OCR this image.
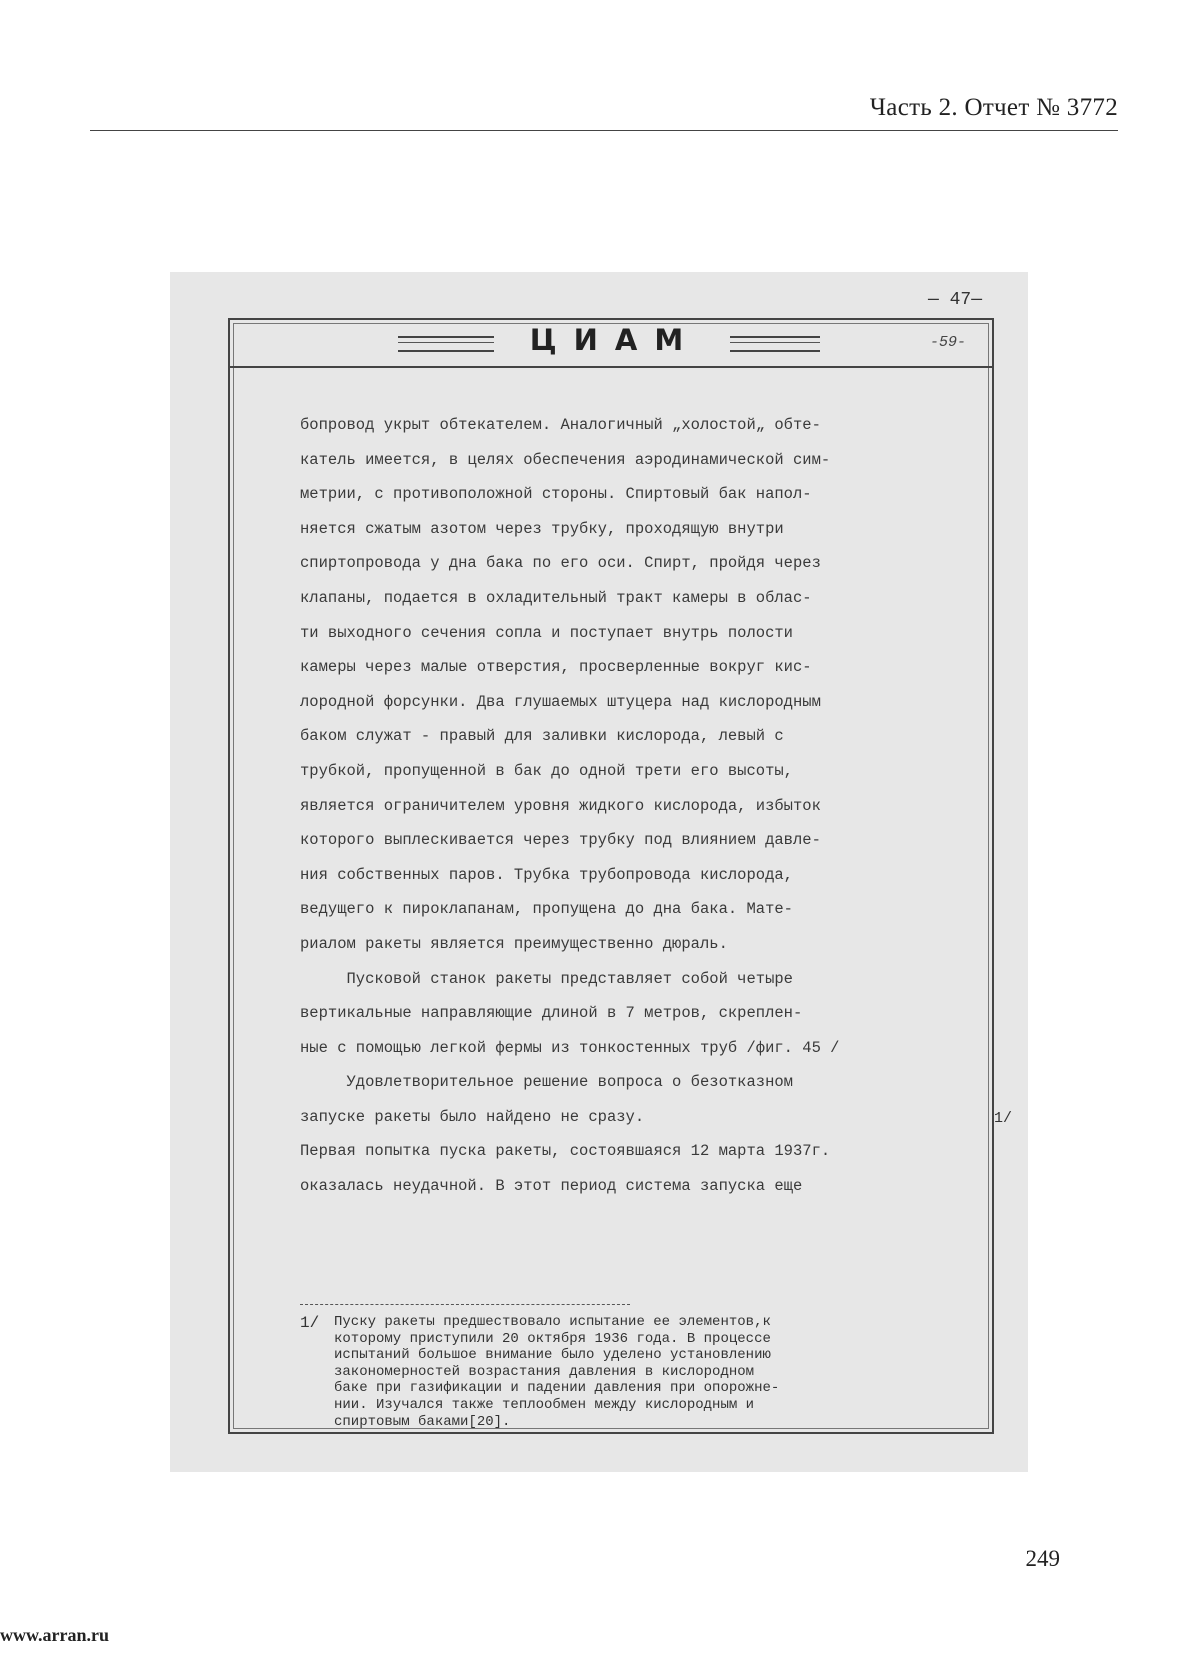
Часть 2. Отчет № 3772
— 47—
ЦИАМ	-59-
бопровод укрыт обтекателем. Аналогичный „холостой„ обте-
катель имеется, в целях обеспечения аэродинамической сим-
метрии, с противоположной стороны. Спиртовый бак напол-
няется сжатым азотом через трубку, проходящую внутри
спиртопровода у дна бака по его оси. Спирт, пройдя через
клапаны, подается в охладительный тракт камеры в облас-
ти выходного сечения сопла и поступает внутрь полости
камеры через малые отверстия, просверленные вокруг кис-
лородной форсунки. Два глушаемых штуцера над кислородным
баком служат - правый для заливки кислорода, левый с
трубкой, пропущенной в бак до одной трети его высоты,
является ограничителем уровня жидкого кислорода, избыток
которого выплескивается через трубку под влиянием давле-
ния собственных паров. Трубка трубопровода кислорода,
ведущего к пироклапанам, пропущена до дна бака. Мате-
риалом ракеты является преимущественно дюраль.
Пусковой станок ракеты представляет собой четыре
вертикальные направляющие длиной в 7 метров, скреплен-
ные с помощью легкой фермы из тонкостенных труб /фиг. 45 /
Удовлетворительное решение вопроса о безотказном
запуске ракеты было найдено не сразу.
Первая попытка пуска ракеты, состоявшаяся 12 марта 1937г.
оказалась неудачной. В этот период система запуска еще
1/ Пуску ракеты предшествовало испытание ее элементов,к
которому приступили 20 октября 1936 года. В процессе
испытаний большое внимание было уделено установлению
закономерностей возрастания давления в кислородном
баке при газификации и падении давления при опорожне-
нии. Изучался также теплообмен между кислородным и
спиртовым баками[20].
1/
249
www.arran.ru
